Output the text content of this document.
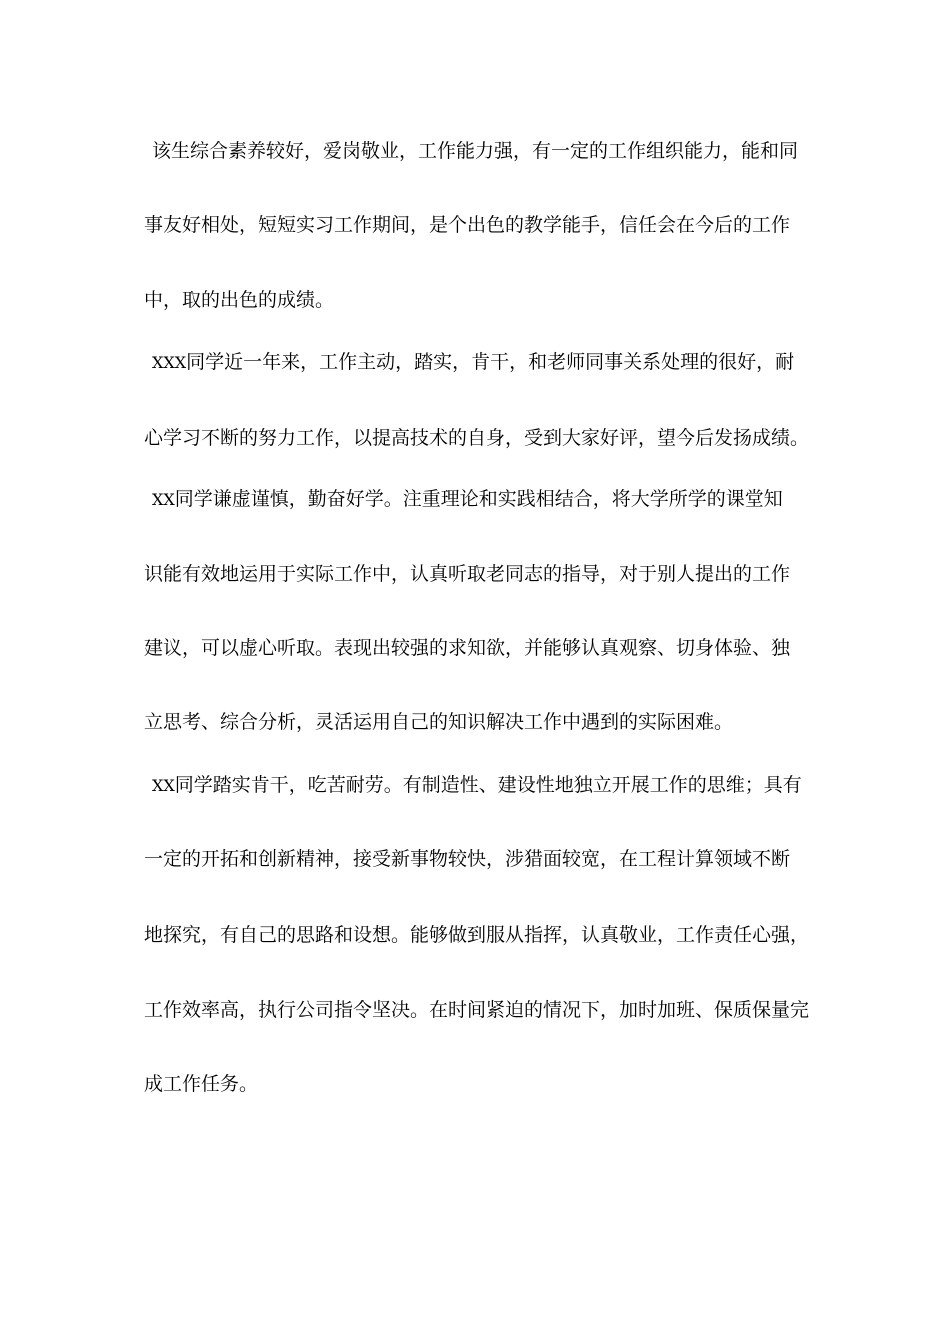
该生综合素养较好，爱岗敬业，工作能力强，有一定的工作组织能力，能和同
事友好相处，短短实习工作期间，是个出色的教学能手，信任会在今后的工作
中，取的出色的成绩。
XXX同学近一年来，工作主动，踏实，肯干，和老师同事关系处理的很好，耐
心学习不断的努力工作，以提高技术的自身，受到大家好评，望今后发扬成绩。
XX同学谦虚谨慎，勤奋好学。注重理论和实践相结合，将大学所学的课堂知
识能有效地运用于实际工作中，认真听取老同志的指导，对于别人提出的工作
建议，可以虚心听取。表现出较强的求知欲，并能够认真观察、切身体验、独
立思考、综合分析，灵活运用自己的知识解决工作中遇到的实际困难。
XX同学踏实肯干，吃苦耐劳。有制造性、建设性地独立开展工作的思维；具有
一定的开拓和创新精神，接受新事物较快，涉猎面较宽，在工程计算领域不断
地探究，有自己的思路和设想。能够做到服从指挥，认真敬业，工作责任心强，
工作效率高，执行公司指令坚决。在时间紧迫的情况下，加时加班、保质保量完
成工作任务。
